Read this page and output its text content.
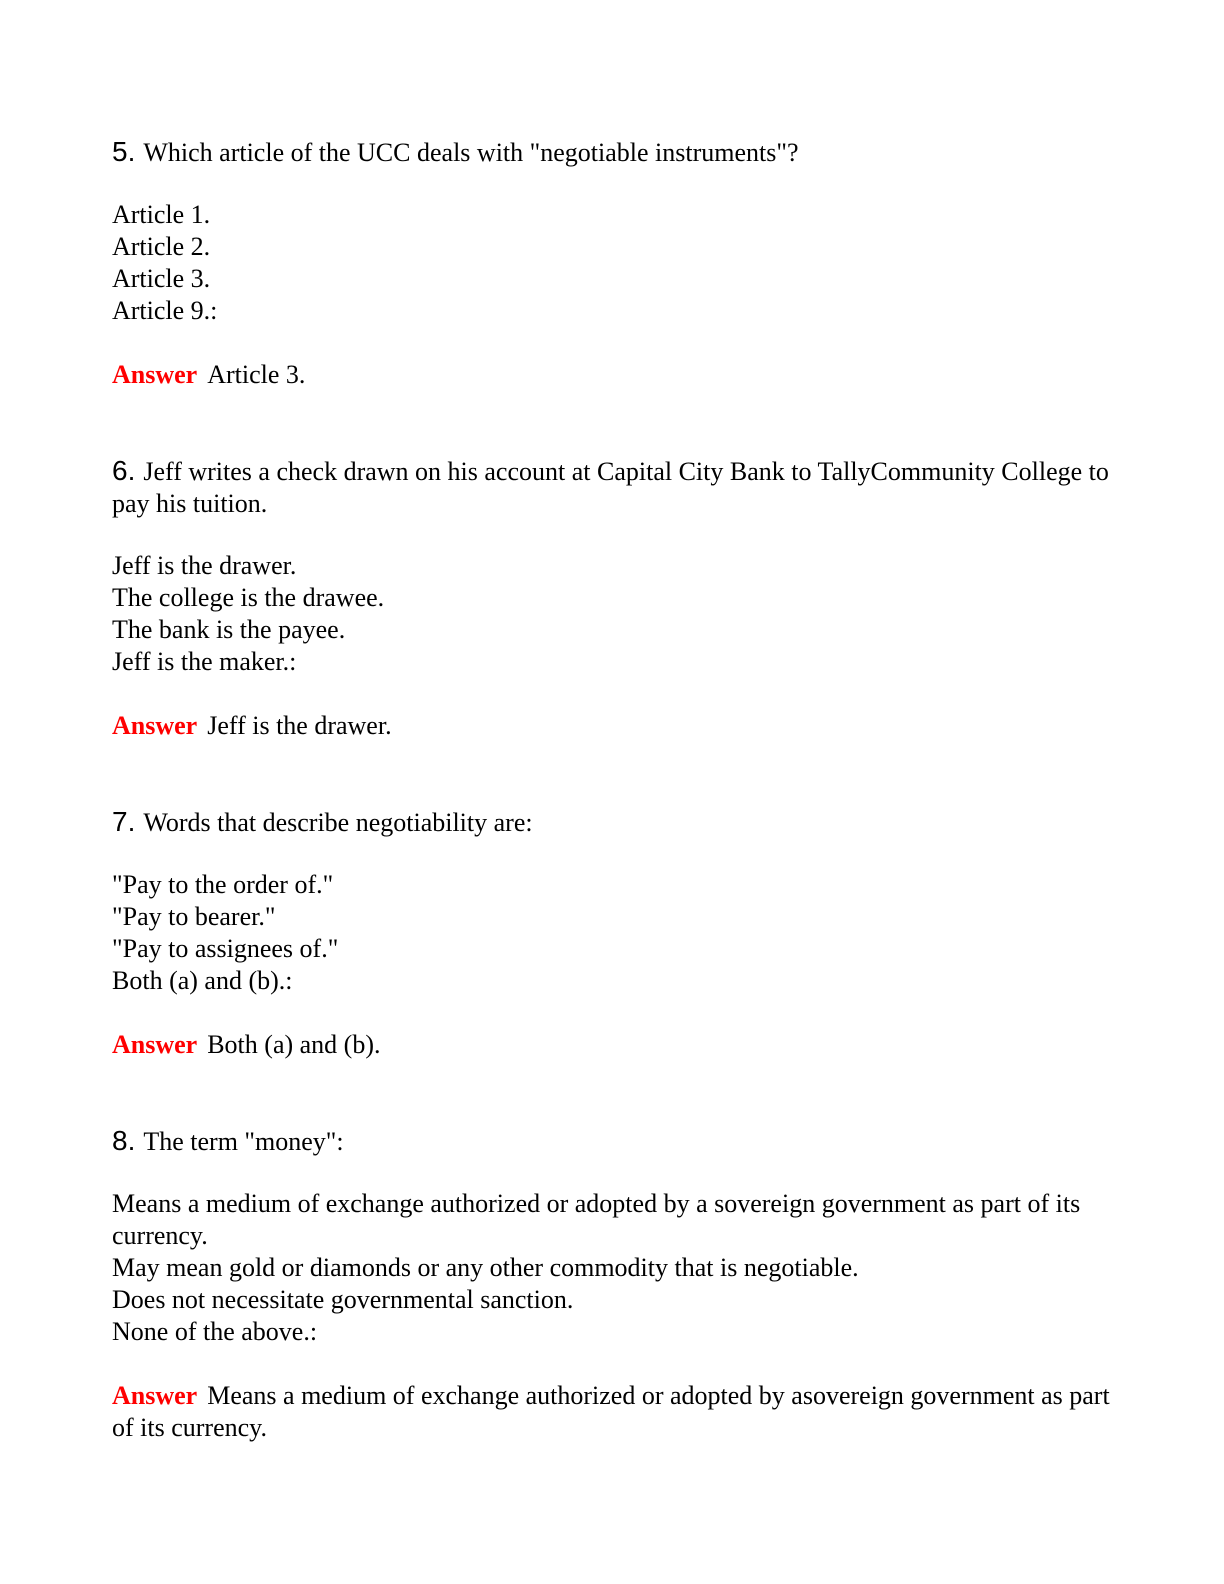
5. Which article of the UCC deals with "negotiable instruments"?

Article 1.
Article 2.
Article 3.
Article 9.:

Answer Article 3.

6. Jeff writes a check drawn on his account at Capital City Bank to TallyCommunity College to pay his tuition.

Jeff is the drawer.
The college is the drawee.
The bank is the payee.
Jeff is the maker.:

Answer Jeff is the drawer.

7. Words that describe negotiability are:

"Pay to the order of."
"Pay to bearer."
"Pay to assignees of."
Both (a) and (b).:

Answer Both (a) and (b).

8. The term "money":

Means a medium of exchange authorized or adopted by a sovereign government as part of its currency.
May mean gold or diamonds or any other commodity that is negotiable.
Does not necessitate governmental sanction.
None of the above.:

Answer Means a medium of exchange authorized or adopted by asovereign government as part of its currency.
